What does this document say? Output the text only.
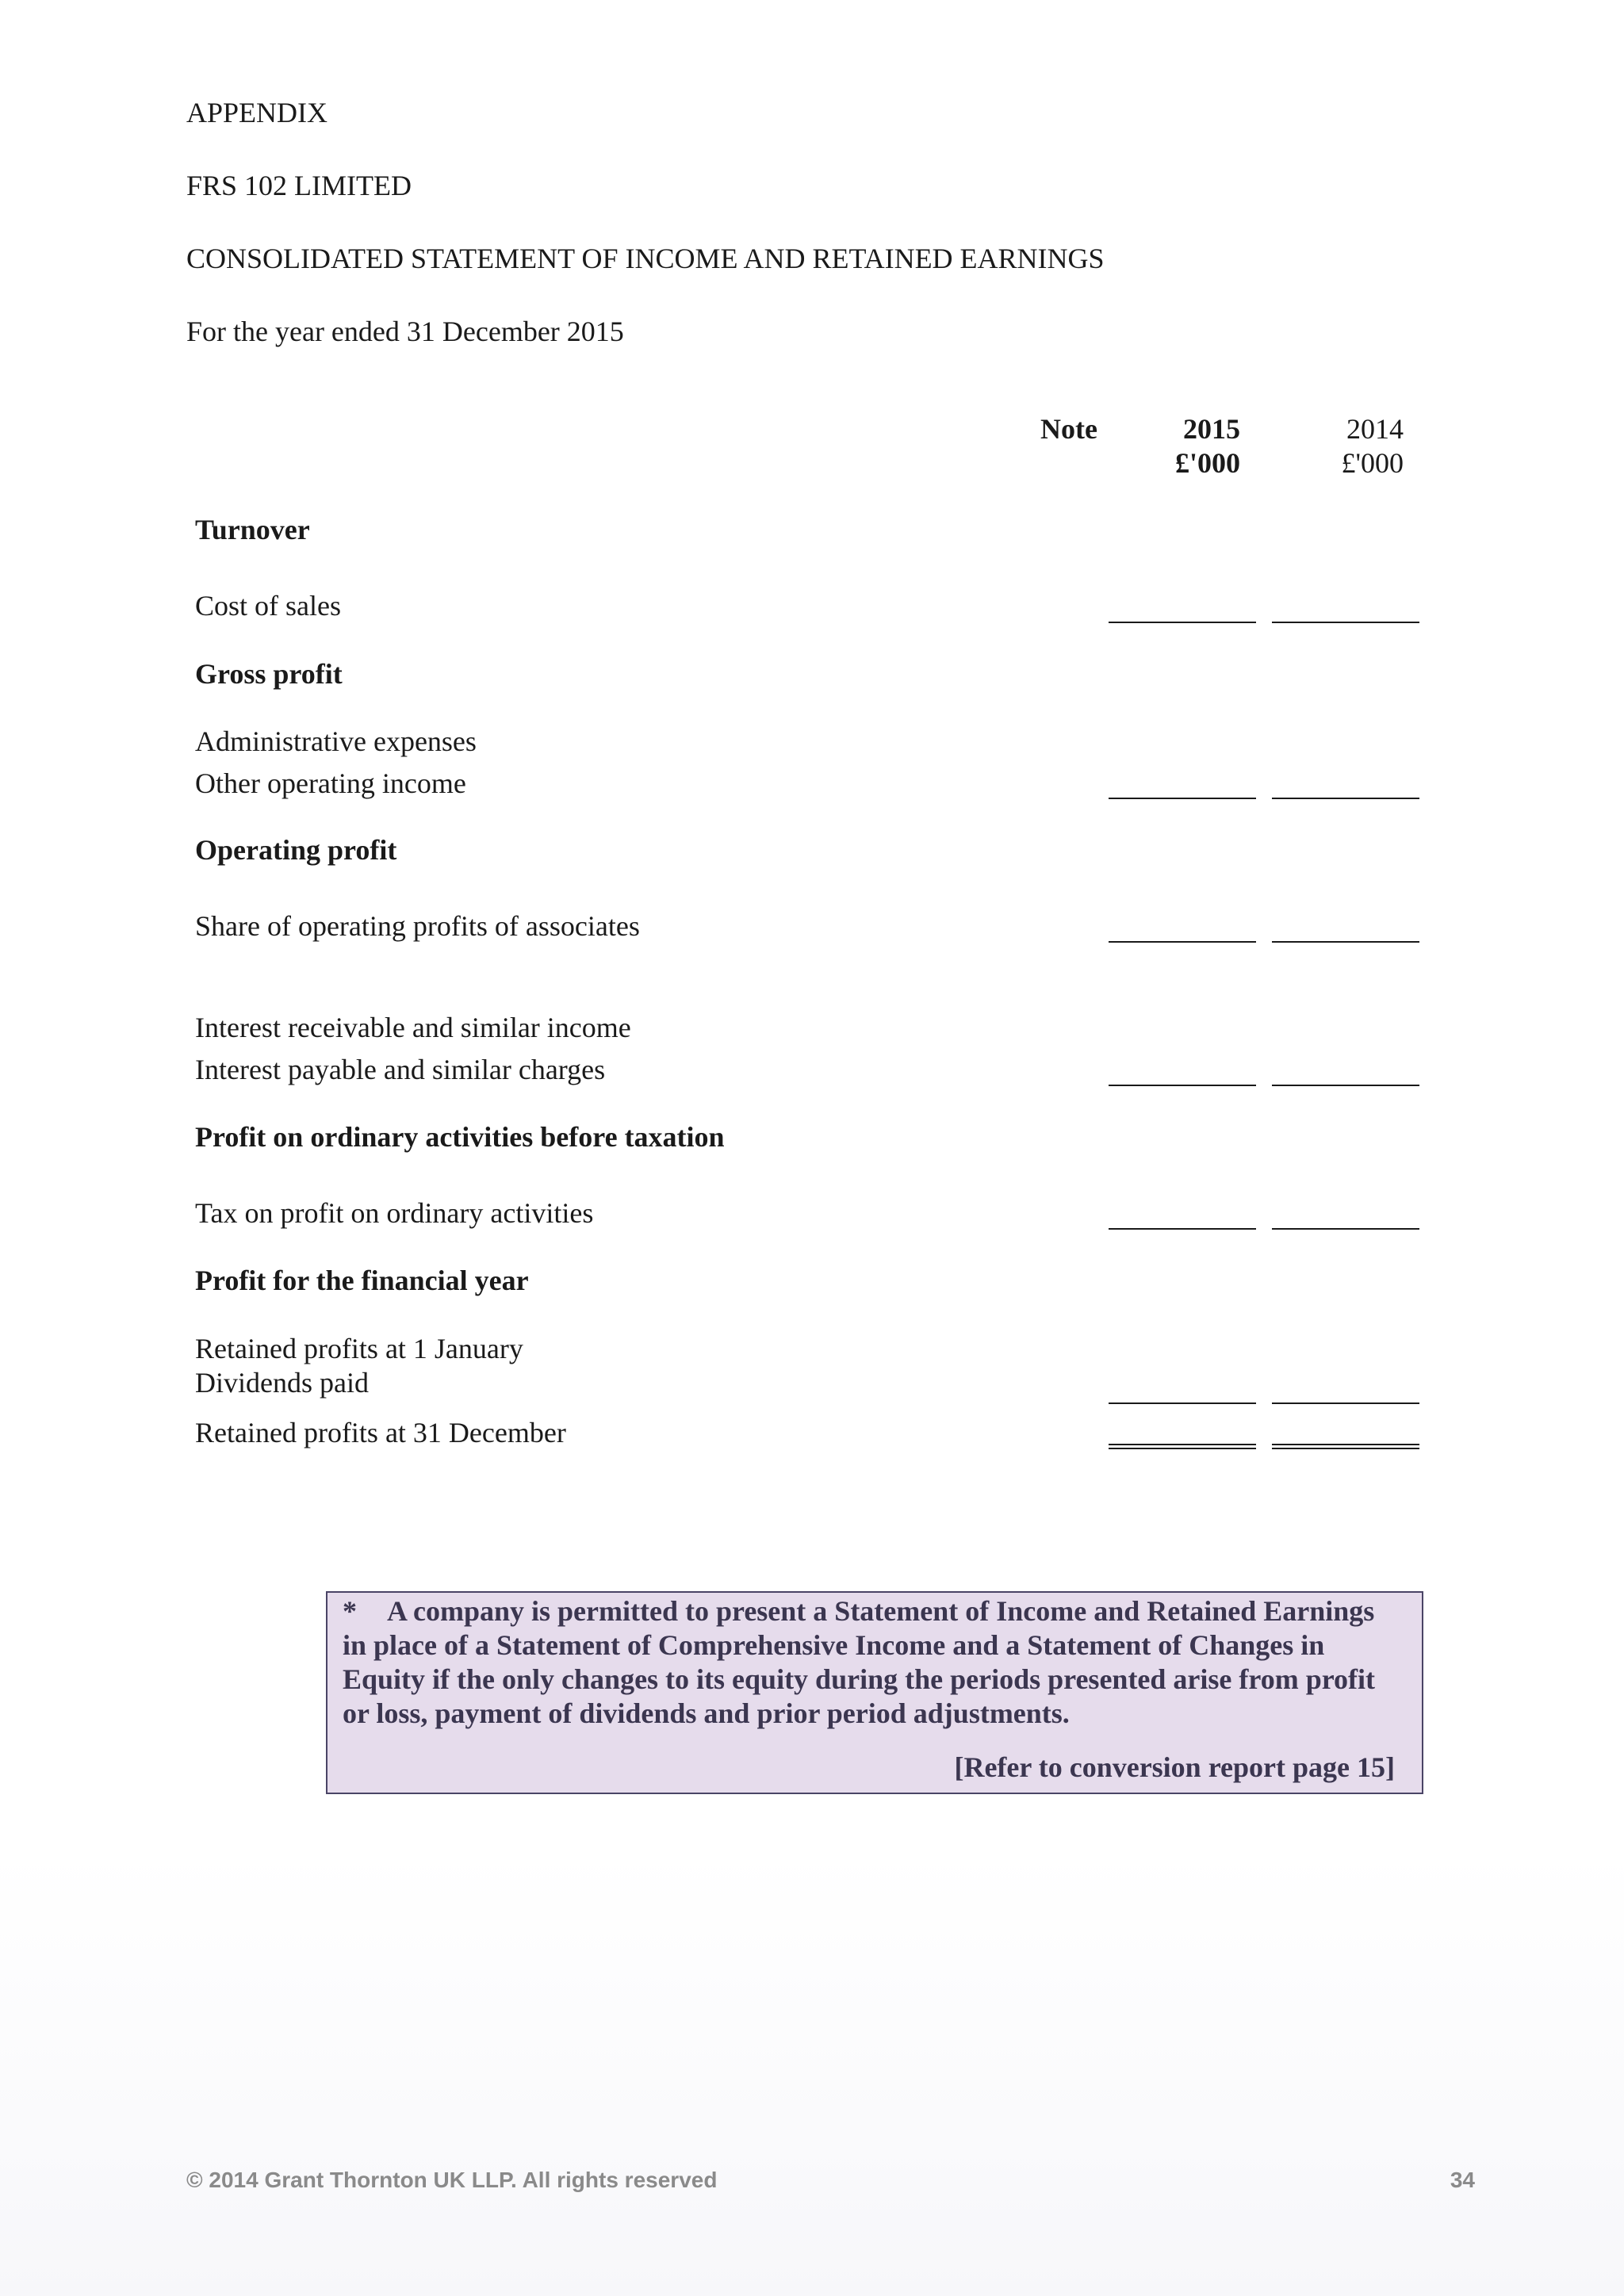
APPENDIX

FRS 102 LIMITED

CONSOLIDATED STATEMENT OF INCOME AND RETAINED EARNINGS

For the year ended 31 December 2015

Note	2015
£'000
2014
£'000
Turnover
Cost of sales
Gross profit
Administrative expenses
Other operating income
Operating profit
Share of operating profits of associates
Interest receivable and similar income
Interest payable and similar charges
Profit on ordinary activities before taxation
Tax on profit on ordinary activities
Profit for the financial year
Retained profits at 1 January
Dividends paid
Retained profits at 31 December

* A company is permitted to present a Statement of Income and Retained Earnings in place of a Statement of Comprehensive Income and a Statement of Changes in Equity if the only changes to its equity during the periods presented arise from profit or loss, payment of dividends and prior period adjustments.

[Refer to conversion report page 15]
© 2014 Grant Thornton UK LLP. All rights reserved	34
